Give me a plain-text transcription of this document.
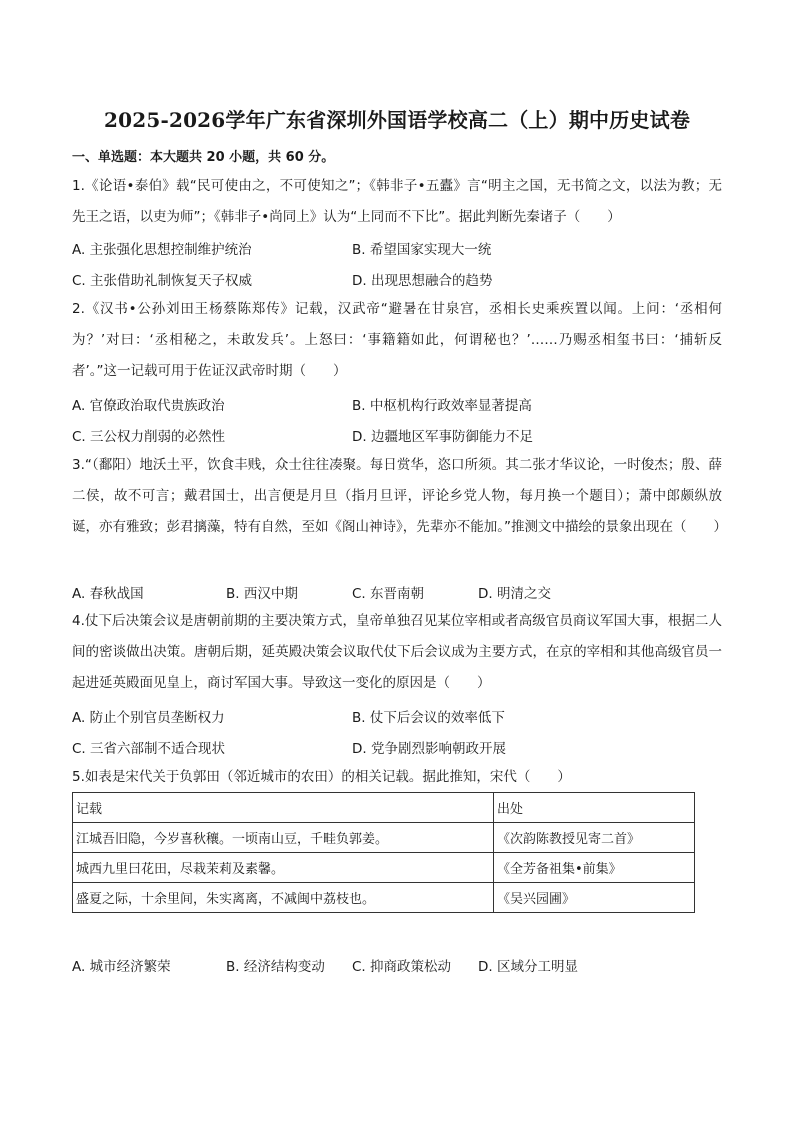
2025-2026学年广东省深圳外国语学校高二（上）期中历史试卷
一、单选题：本大题共 20 小题，共 60 分。
1.《论语•泰伯》载“民可使由之，不可使知之”；《韩非子•五蠹》言“明主之国，无书简之文，以法为教；无先王之语，以吏为师”；《韩非子•尚同上》认为“上同而不下比”。据此判断先秦诸子（　　）
A. 主张强化思想控制维护统治	B. 希望国家实现大一统
C. 主张借助礼制恢复天子权威	D. 出现思想融合的趋势
2.《汉书•公孙刘田王杨蔡陈郑传》记载，汉武帝“避暑在甘泉宫，丞相长史乘疾置以闻。上问：‘丞相何为？’对曰：‘丞相秘之，未敢发兵’。上怒曰：‘事籍籍如此，何谓秘也？’……乃赐丞相玺书曰：‘捕斩反者’。”这一记载可用于佐证汉武帝时期（　　）
A. 官僚政治取代贵族政治	B. 中枢机构行政效率显著提高
C. 三公权力削弱的必然性	D. 边疆地区军事防御能力不足
3.“（鄱阳）地沃土平，饮食丰贱，众士往往凑聚。每日赏华，恣口所须。其二张才华议论，一时俊杰；殷、薛二侯，故不可言；戴君国士，出言便是月旦（指月旦评，评论乡党人物，每月换一个题目）；萧中郎颇纵放诞，亦有雅致；彭君摛藻，特有自然，至如《阁山神诗》，先辈亦不能加。”推测文中描绘的景象出现在（　　）
A. 春秋战国	B. 西汉中期	C. 东晋南朝	D. 明清之交
4.仗下后决策会议是唐朝前期的主要决策方式，皇帝单独召见某位宰相或者高级官员商议军国大事，根据二人间的密谈做出决策。唐朝后期，延英殿决策会议取代仗下后会议成为主要方式，在京的宰相和其他高级官员一起进延英殿面见皇上，商讨军国大事。导致这一变化的原因是（　　）
A. 防止个别官员垄断权力	B. 仗下后会议的效率低下
C. 三省六部制不适合现状	D. 党争剧烈影响朝政开展
5.如表是宋代关于负郭田（邻近城市的农田）的相关记载。据此推知，宋代（　　）
记载	出处
江城吾旧隐，今岁喜秋穰。一顷南山豆，千畦负郭姜。	《次韵陈教授见寄二首》
城西九里曰花田，尽栽茉莉及素馨。	《全芳备祖集•前集》
盛夏之际，十余里间，朱实离离，不减闽中荔枝也。	《吴兴园圃》
A. 城市经济繁荣	B. 经济结构变动 C. 抑商政策松动 D. 区域分工明显
